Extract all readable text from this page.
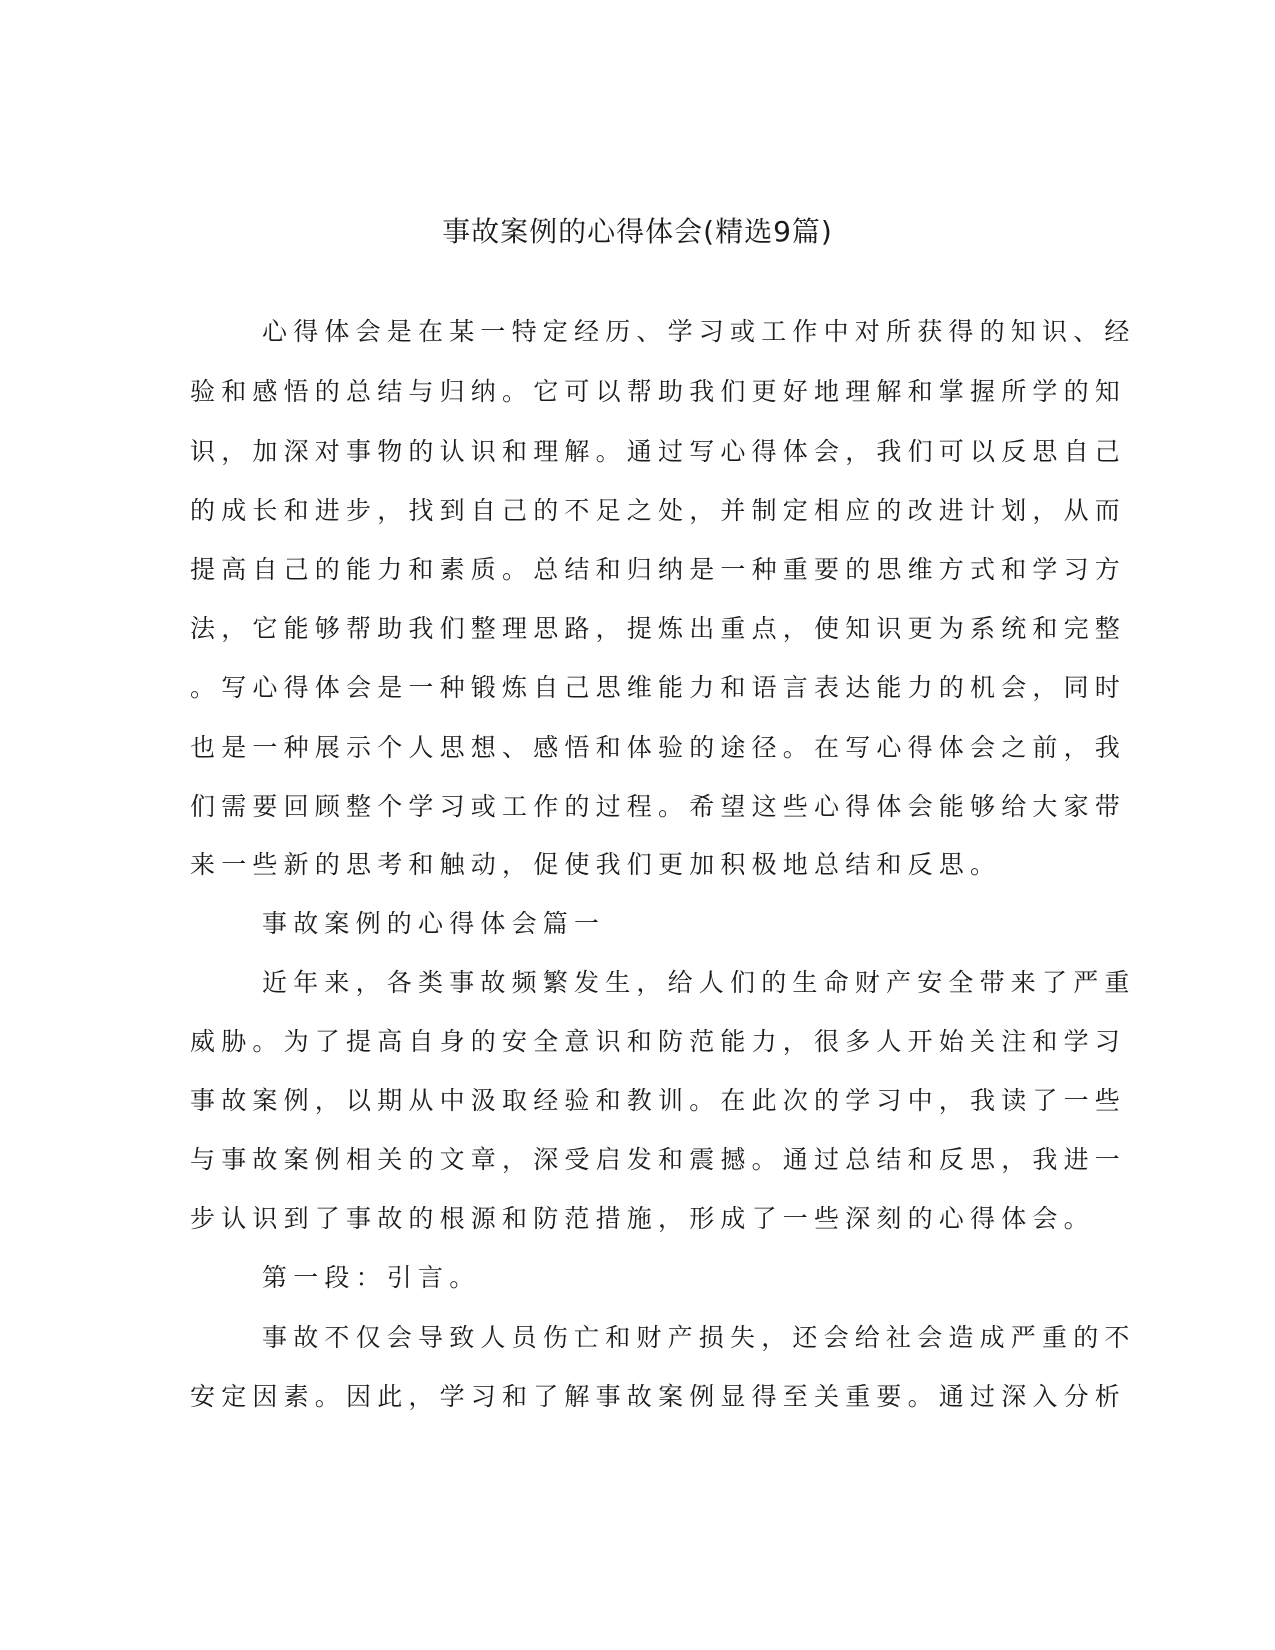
事故案例的心得体会(精选9篇)

心得体会是在某一特定经历、学习或工作中对所获得的知识、经

验和感悟的总结与归纳。它可以帮助我们更好地理解和掌握所学的知

识，加深对事物的认识和理解。通过写心得体会，我们可以反思自己

的成长和进步，找到自己的不足之处，并制定相应的改进计划，从而

提高自己的能力和素质。总结和归纳是一种重要的思维方式和学习方

法，它能够帮助我们整理思路，提炼出重点，使知识更为系统和完整

。写心得体会是一种锻炼自己思维能力和语言表达能力的机会，同时

也是一种展示个人思想、感悟和体验的途径。在写心得体会之前，我

们需要回顾整个学习或工作的过程。希望这些心得体会能够给大家带

来一些新的思考和触动，促使我们更加积极地总结和反思。

事故案例的心得体会篇一

近年来，各类事故频繁发生，给人们的生命财产安全带来了严重

威胁。为了提高自身的安全意识和防范能力，很多人开始关注和学习

事故案例，以期从中汲取经验和教训。在此次的学习中，我读了一些

与事故案例相关的文章，深受启发和震撼。通过总结和反思，我进一

步认识到了事故的根源和防范措施，形成了一些深刻的心得体会。

第一段：引言。

事故不仅会导致人员伤亡和财产损失，还会给社会造成严重的不

安定因素。因此，学习和了解事故案例显得至关重要。通过深入分析
